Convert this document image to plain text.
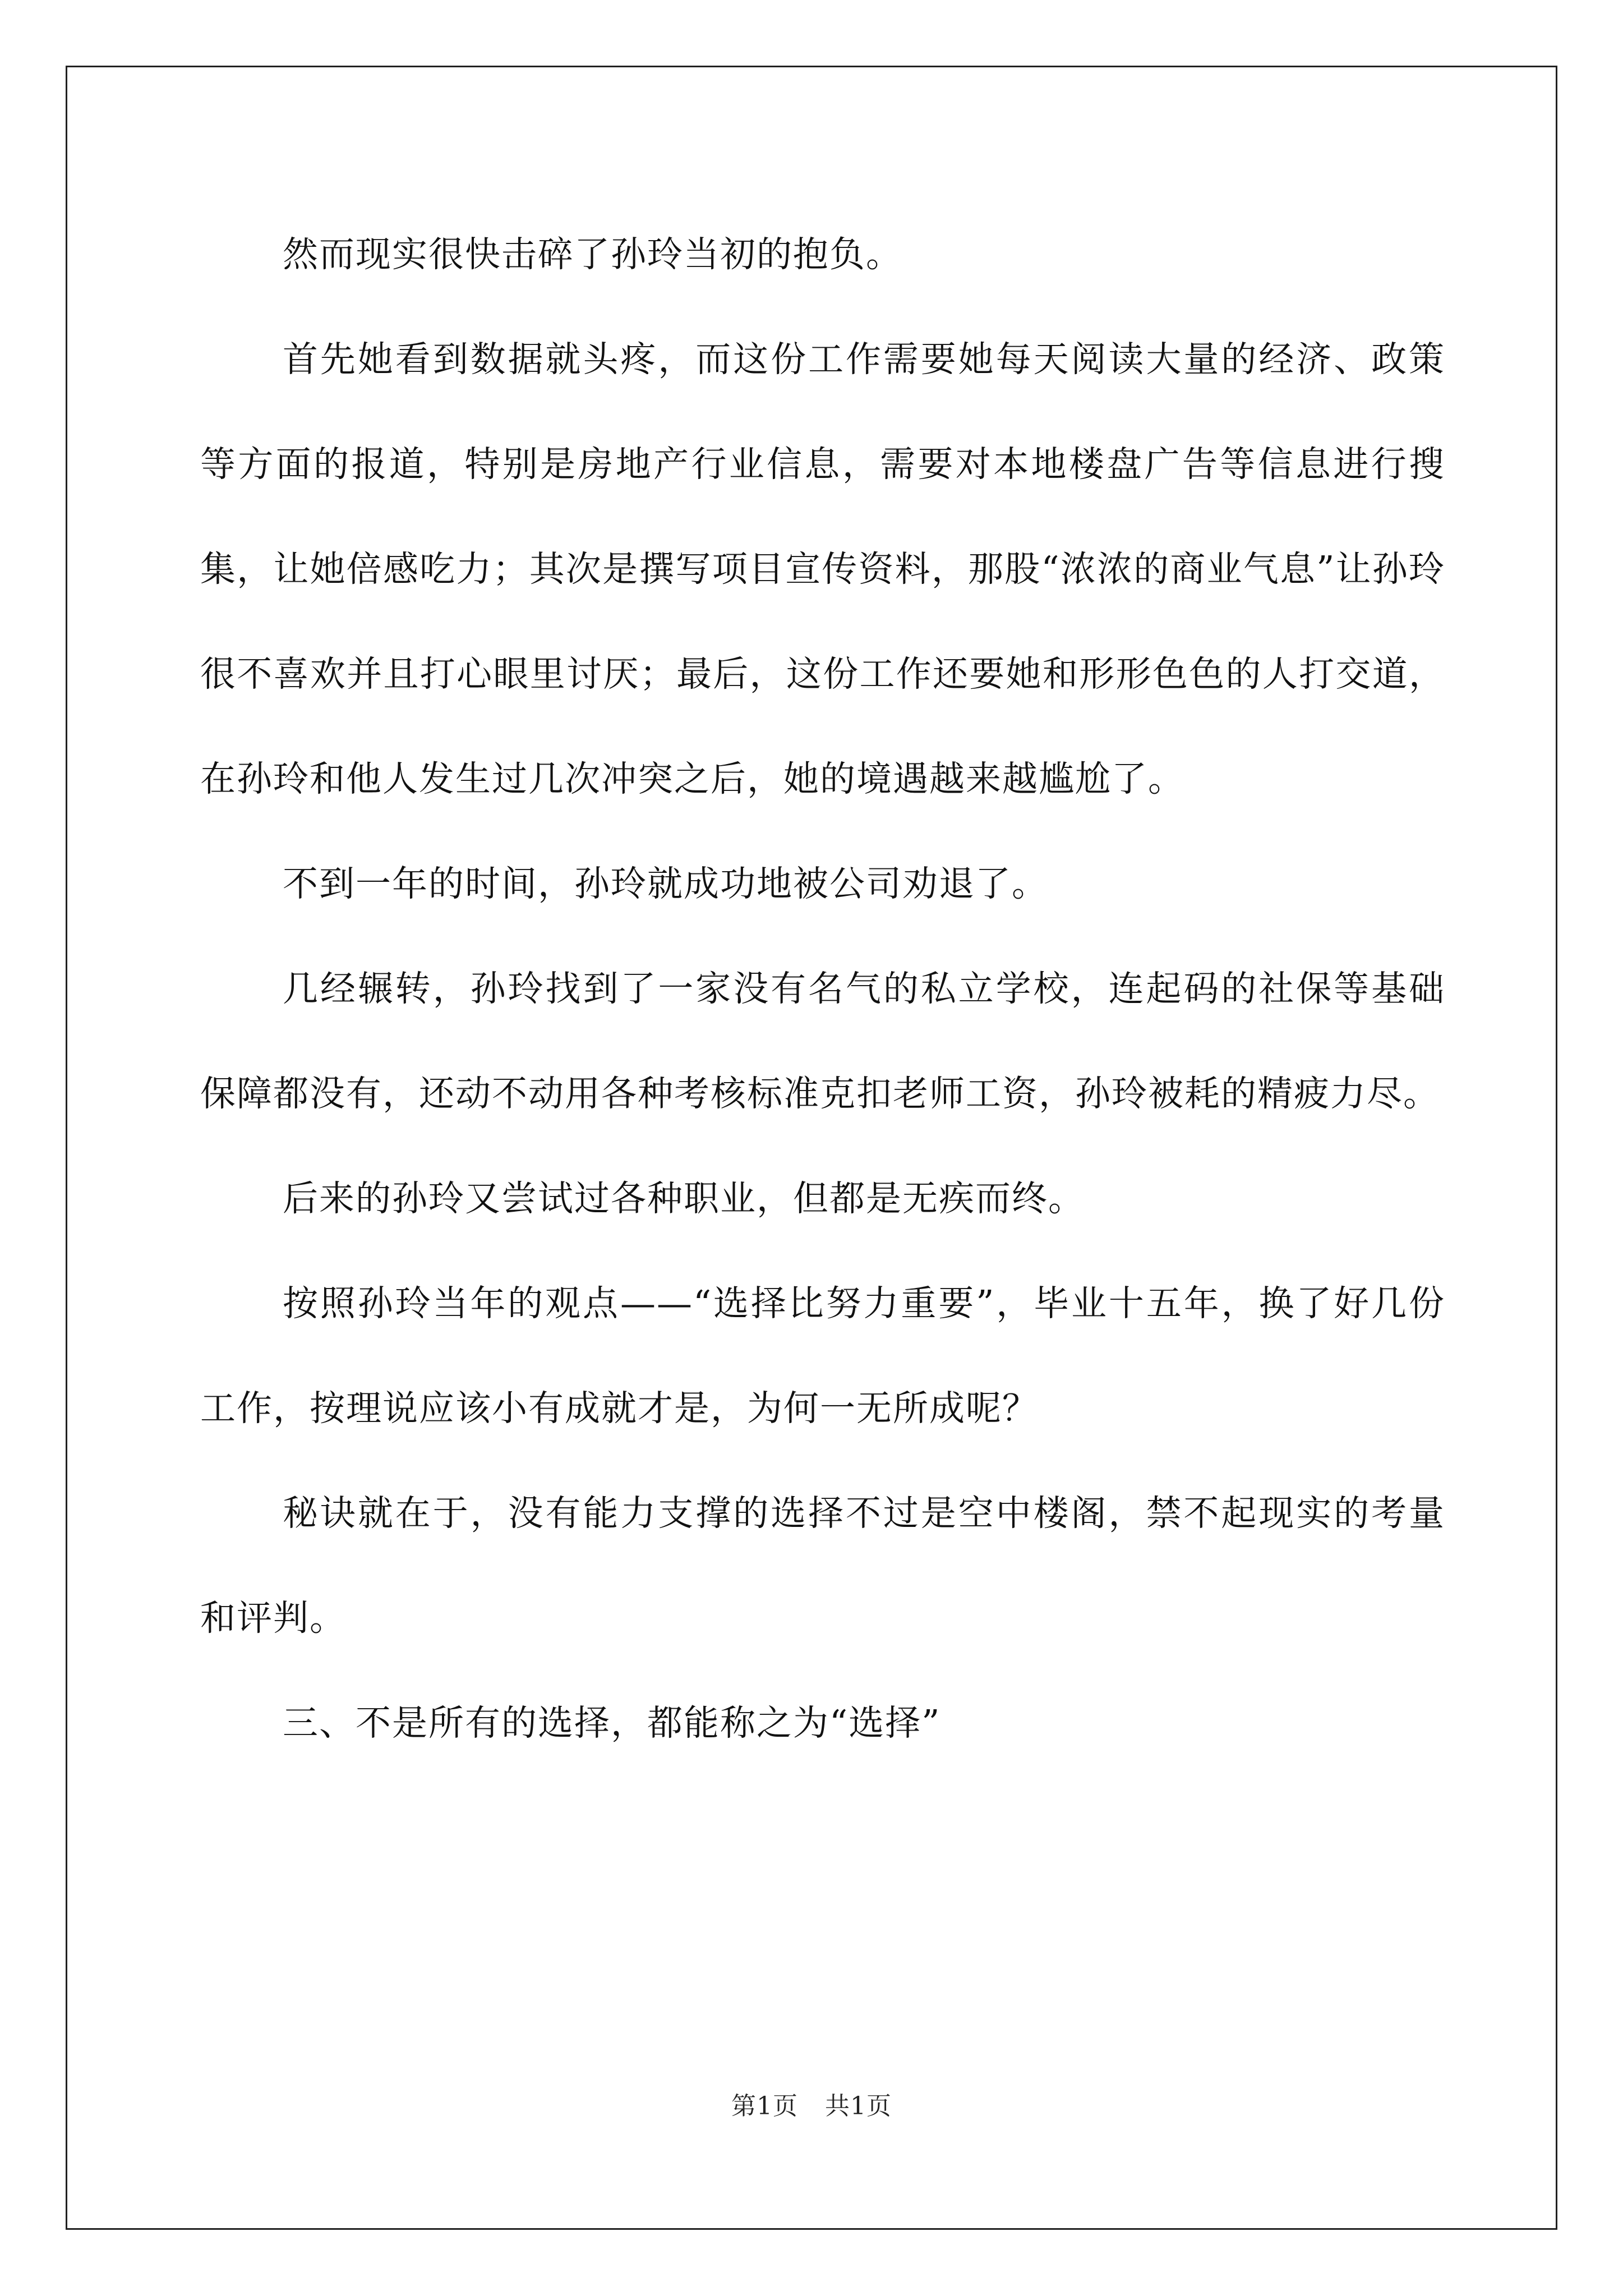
然而现实很快击碎了孙玲当初的抱负。

首先她看到数据就头疼，而这份工作需要她每天阅读大量的经济、政策等方面的报道，特别是房地产行业信息，需要对本地楼盘广告等信息进行搜集，让她倍感吃力；其次是撰写项目宣传资料，那股“浓浓的商业气息”让孙玲很不喜欢并且打心眼里讨厌；最后，这份工作还要她和形形色色的人打交道，在孙玲和他人发生过几次冲突之后，她的境遇越来越尴尬了。

不到一年的时间，孙玲就成功地被公司劝退了。

几经辗转，孙玲找到了一家没有名气的私立学校，连起码的社保等基础保障都没有，还动不动用各种考核标准克扣老师工资，孙玲被耗的精疲力尽。

后来的孙玲又尝试过各种职业，但都是无疾而终。

按照孙玲当年的观点——“选择比努力重要”，毕业十五年，换了好几份工作，按理说应该小有成就才是，为何一无所成呢？

秘诀就在于，没有能力支撑的选择不过是空中楼阁，禁不起现实的考量和评判。

三、不是所有的选择，都能称之为“选择”

第1页 共1页
